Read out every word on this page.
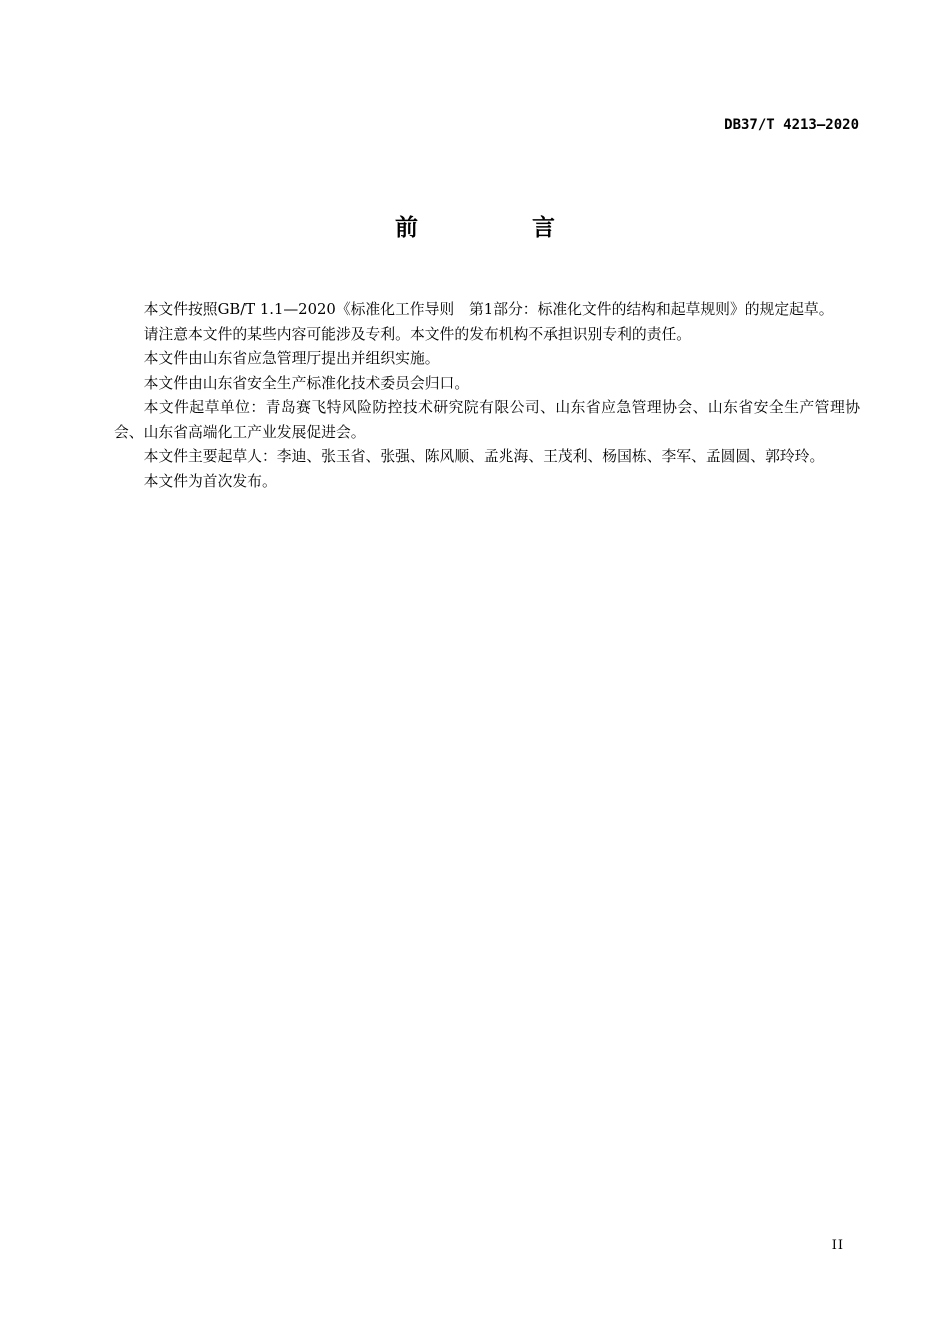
DB37/T 4213—2020
前 言

本文件按照GB/T 1.1—2020《标准化工作导则　第1部分：标准化文件的结构和起草规则》的规定起草。

请注意本文件的某些内容可能涉及专利。本文件的发布机构不承担识别专利的责任。

本文件由山东省应急管理厅提出并组织实施。

本文件由山东省安全生产标准化技术委员会归口。

本文件起草单位：青岛赛飞特风险防控技术研究院有限公司、山东省应急管理协会、山东省安全生产管理协会、山东省高端化工产业发展促进会。

本文件主要起草人：李迪、张玉省、张强、陈风顺、孟兆海、王茂利、杨国栋、李军、孟圆圆、郭玲玲。

本文件为首次发布。

II
